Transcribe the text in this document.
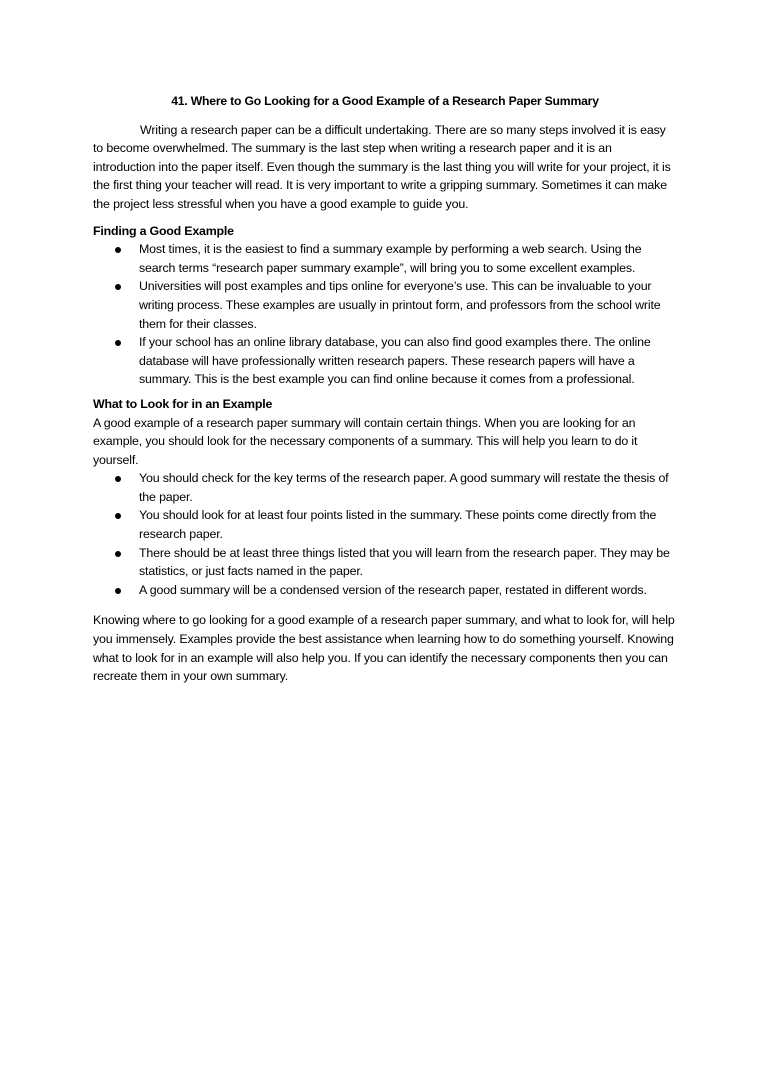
41. Where to Go Looking for a Good Example of a Research Paper Summary

Writing a research paper can be a difficult undertaking. There are so many steps involved it is easy to become overwhelmed. The summary is the last step when writing a research paper and it is an introduction into the paper itself. Even though the summary is the last thing you will write for your project, it is the first thing your teacher will read. It is very important to write a gripping summary. Sometimes it can make the project less stressful when you have a good example to guide you.

Finding a Good Example

Most times, it is the easiest to find a summary example by performing a web search. Using the search terms “research paper summary example”, will bring you to some excellent examples.
Universities will post examples and tips online for everyone’s use. This can be invaluable to your writing process. These examples are usually in printout form, and professors from the school write them for their classes.
If your school has an online library database, you can also find good examples there. The online database will have professionally written research papers. These research papers will have a summary. This is the best example you can find online because it comes from a professional.

What to Look for in an Example

A good example of a research paper summary will contain certain things. When you are looking for an example, you should look for the necessary components of a summary. This will help you learn to do it yourself.

You should check for the key terms of the research paper. A good summary will restate the thesis of the paper.
You should look for at least four points listed in the summary. These points come directly from the research paper.
There should be at least three things listed that you will learn from the research paper. They may be statistics, or just facts named in the paper.
A good summary will be a condensed version of the research paper, restated in different words.

Knowing where to go looking for a good example of a research paper summary, and what to look for, will help you immensely. Examples provide the best assistance when learning how to do something yourself. Knowing what to look for in an example will also help you. If you can identify the necessary components then you can recreate them in your own summary.
